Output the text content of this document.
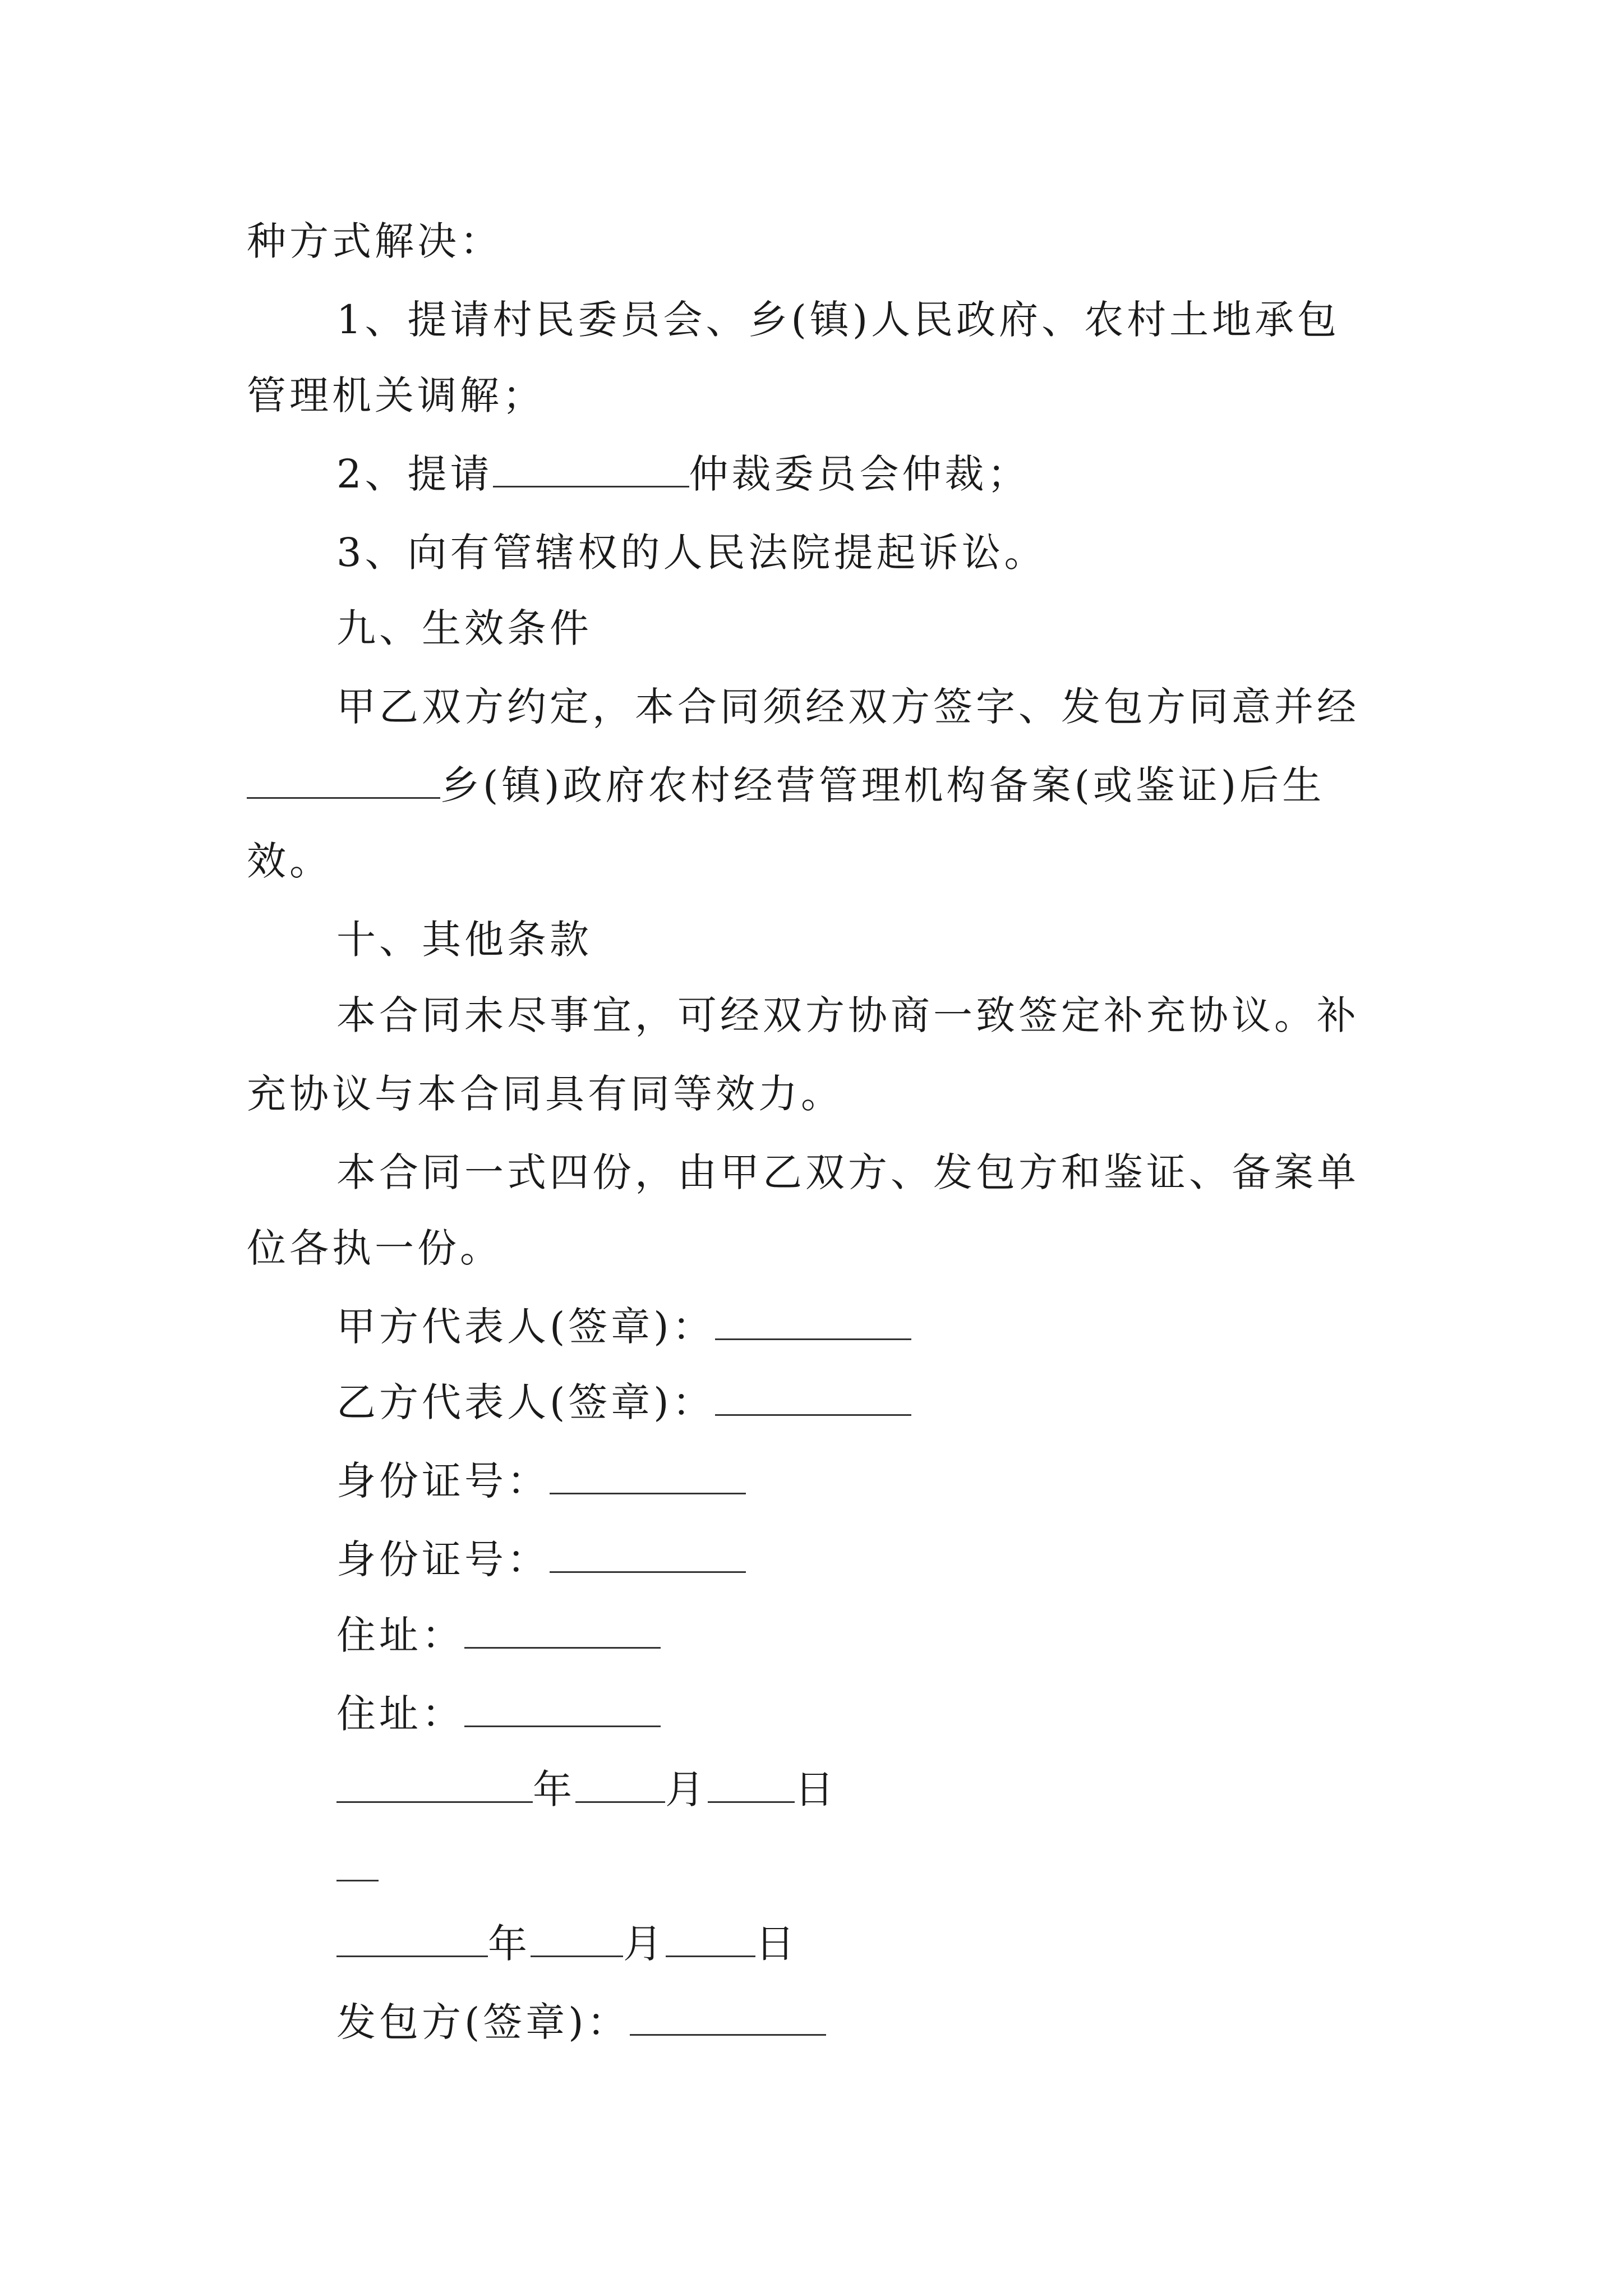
种方式解决：
1、提请村民委员会、乡(镇)人民政府、农村土地承包
管理机关调解；
2、提请	仲裁委员会仲裁；
3、向有管辖权的人民法院提起诉讼。
九、生效条件
甲乙双方约定，本合同须经双方签字、发包方同意并经
乡(镇)政府农村经营管理机构备案(或鉴证)后生
效。
十、其他条款
本合同未尽事宜，可经双方协商一致签定补充协议。补
充协议与本合同具有同等效力。
本合同一式四份，由甲乙双方、发包方和鉴证、备案单
位各执一份。
甲方代表人(签章)：
乙方代表人(签章)：
身份证号：
身份证号：
住址：
住址：
年 月 日
年 月 日
发包方(签章)：
